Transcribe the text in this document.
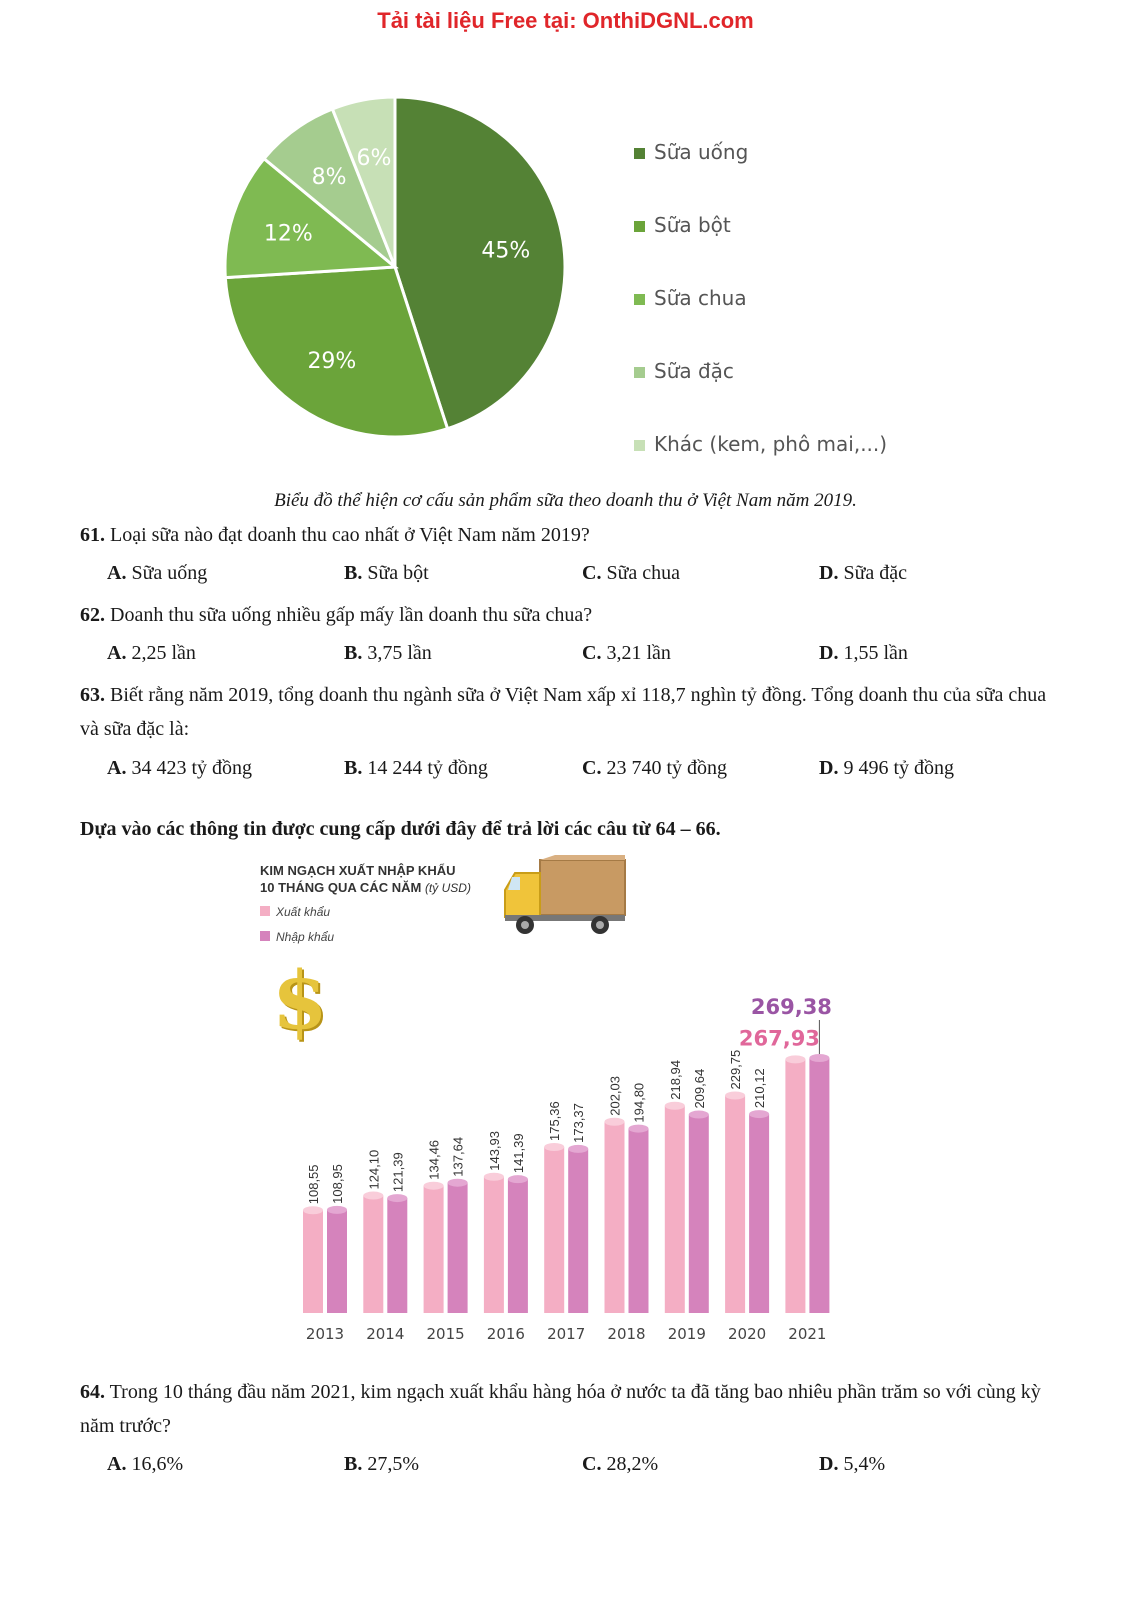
Tải tài liệu Free tại: OnthiDGNL.com
45%
29%
12%
8%
6%	Sữa uống
Sữa bột
Sữa chua
Sữa đặc
Khác (kem, phô mai,...)
Biểu đồ thể hiện cơ cấu sản phẩm sữa theo doanh thu ở Việt Nam năm 2019.
61. Loại sữa nào đạt doanh thu cao nhất ở Việt Nam năm 2019?
A. Sữa uống	B. Sữa bột	C. Sữa chua	D. Sữa đặc
62. Doanh thu sữa uống nhiều gấp mấy lần doanh thu sữa chua?
A. 2,25 lần	B. 3,75 lần	C. 3,21 lần	D. 1,55 lần
63. Biết rằng năm 2019, tổng doanh thu ngành sữa ở Việt Nam xấp xỉ 118,7 nghìn tỷ đồng. Tổng doanh thu của sữa chua và sữa đặc là:
A. 34 423 tỷ đồng	B. 14 244 tỷ đồng	C. 23 740 tỷ đồng	D. 9 496 tỷ đồng
Dựa vào các thông tin được cung cấp dưới đây để trả lời các câu từ 64 – 66.
KIM NGẠCH XUẤT NHẬP KHẨU
10 THÁNG QUA CÁC NĂM (tỷ USD)
Xuất khẩu
Nhập khẩu
108,55 108,95
2013
124,10 121,39
2014
134,46 137,64
2015
143,93 141,39
2016
175,36 173,37
2017
202,03 194,80
2018
218,94 209,64
2019
229,75 210,12
2020
267,93
269,38
2021
$
64. Trong 10 tháng đầu năm 2021, kim ngạch xuất khẩu hàng hóa ở nước ta đã tăng bao nhiêu phần trăm so với cùng kỳ năm trước?
A. 16,6%	B. 27,5%	C. 28,2%	D. 5,4%
